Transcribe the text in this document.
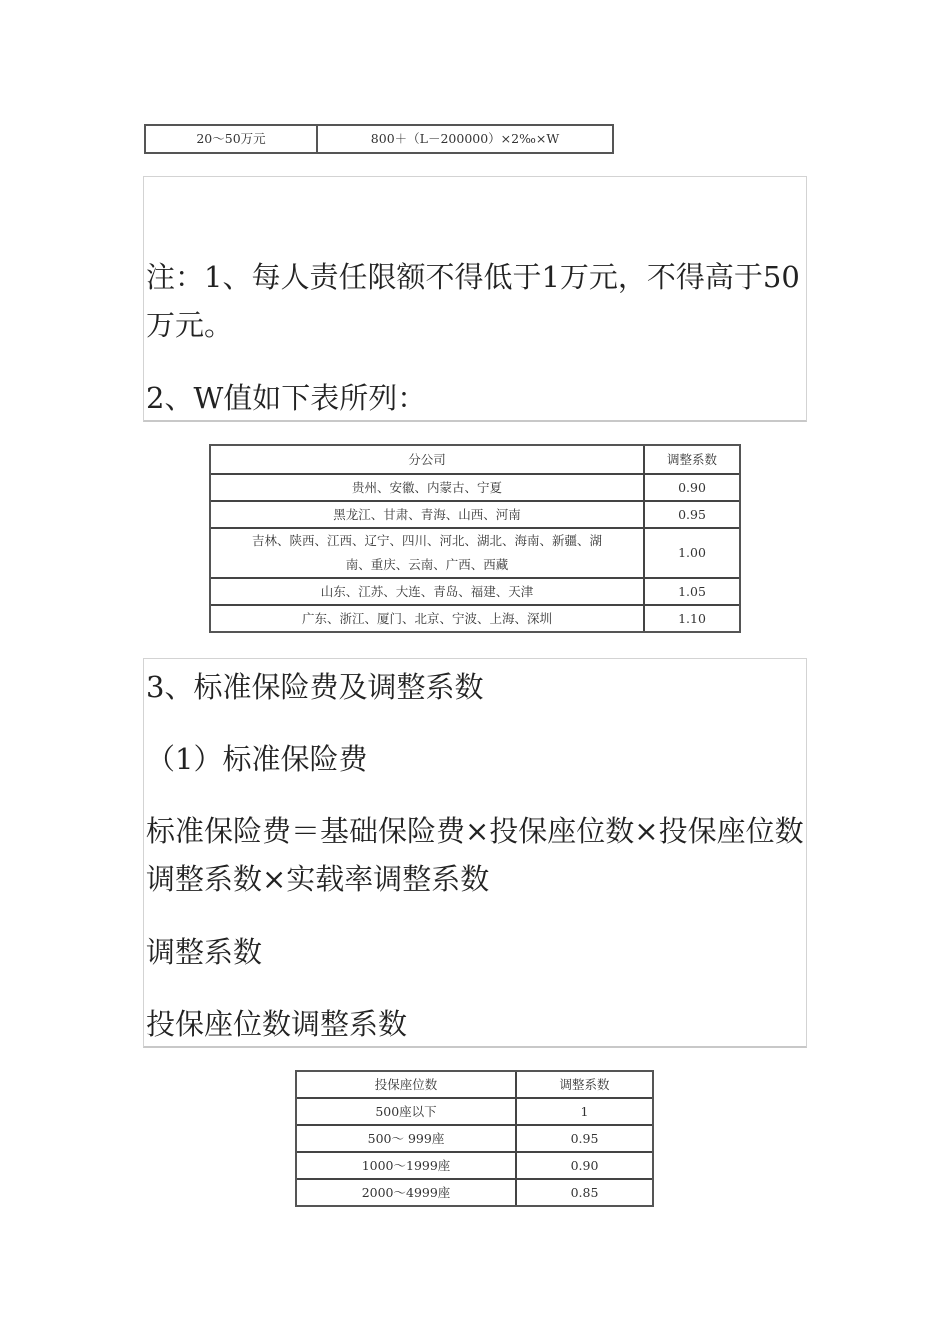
20～50万元	800＋（L－200000）×2‰×W
注：1、每人责任限额不得低于1万元，不得高于50
万元。
2、W值如下表所列：
分公司	调整系数
贵州、安徽、内蒙古、宁夏	0.90
黑龙江、甘肃、青海、山西、河南	0.95

吉林、陕西、江西、辽宁、四川、河北、湖北、海南、新疆、湖
南、重庆、云南、广西、西藏	1.00
山东、江苏、大连、青岛、福建、天津	1.05
广东、浙江、厦门、北京、宁波、上海、深圳	1.10
3、标准保险费及调整系数
（1）标准保险费
标准保险费＝基础保险费×投保座位数×投保座位数
调整系数×实载率调整系数
调整系数
投保座位数调整系数
投保座位数	调整系数
500座以下	1
500～ 999座	0.95
1000～1999座	0.90
2000～4999座	0.85
